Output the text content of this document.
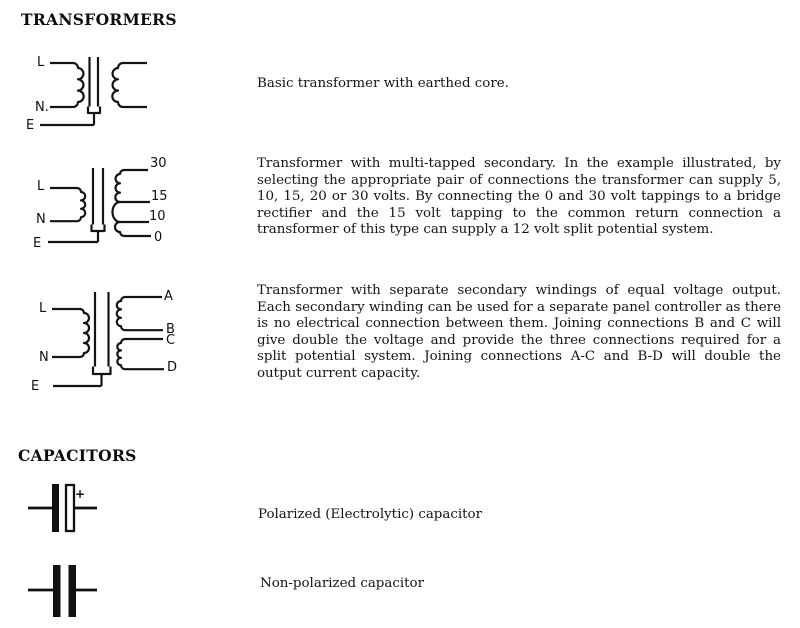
TRANSFORMERS
L
N.
E
Basic transformer with earthed core.
L
N
E
30
15
10
0
Transformer with multi-tapped secondary. In the example illustrated, by selecting the appropriate pair of connections the transformer can supply 5, 10, 15, 20 or 30 volts. By connecting the 0 and 30 volt tappings to a bridge rectifier and the 15 volt tapping to the common return connection a transformer of this type can supply a 12 volt split potential system.
L
N
E
A
B
C
D
Transformer with separate secondary windings of equal voltage output. Each secondary winding can be used for a separate panel controller as there is no electrical connection between them. Joining connections B and C will give double the voltage and provide the three connections required for a split potential system. Joining connections A-C and B-D will double the output current capacity.
CAPACITORS
+
Polarized (Electrolytic) capacitor
Non-polarized capacitor
